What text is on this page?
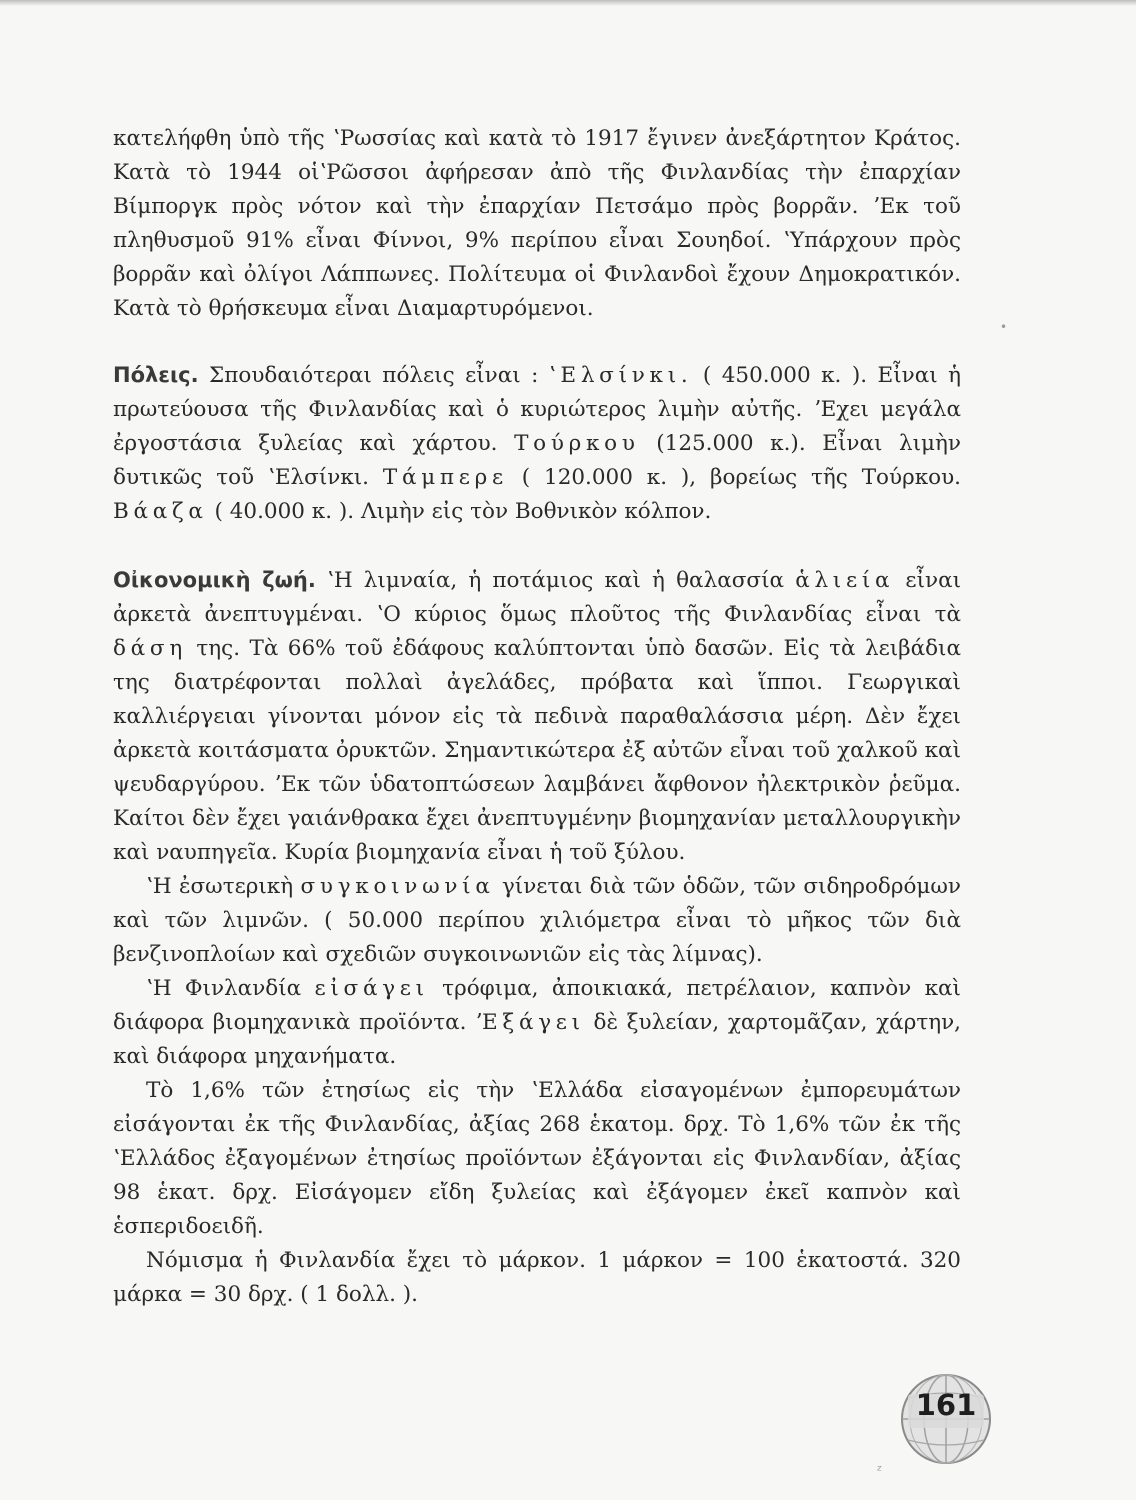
κατελήφθη ὑπὸ τῆς ʽΡωσσίας καὶ κατὰ τὸ 1917 ἔγινεν ἀνεξάρτητον Κράτος. Κατὰ τὸ 1944 οἱʽΡῶσσοι ἀφήρεσαν ἀπὸ τῆς Φινλανδίας τὴν ἐπαρχίαν Βίμποργκ πρὸς νότον καὶ τὴν ἐπαρχίαν Πετσάμο πρὸς βορρᾶν. ʼΕκ τοῦ πληθυσμοῦ 91% εἶναι Φίννοι, 9% περίπου εἶναι Σουηδοί. ʽΥπάρχουν πρὸς βορρᾶν καὶ ὀλίγοι Λάππωνες. Πολίτευμα οἱ Φινλανδοὶ ἔχουν Δημοκρατικόν. Κατὰ τὸ θρήσκευμα εἶναι Διαμαρτυρόμενοι.

Πόλεις. Σπουδαιότεραι πόλεις εἶναι : ʽΕλσίνκι. ( 450.000 κ. ). Εἶναι ἡ πρωτεύουσα τῆς Φινλανδίας καὶ ὁ κυριώτερος λιμὴν αὐτῆς. ʼΕχει μεγάλα ἐργοστάσια ξυλείας καὶ χάρτου. Τούρκου (125.000 κ.). Εἶναι λιμὴν δυτικῶς τοῦ ʽΕλσίνκι. Τάμπερε ( 120.000 κ. ), βορείως τῆς Τούρκου. Βάαζα ( 40.000 κ. ). Λιμὴν εἰς τὸν Βοθνικὸν κόλπον.

Οἰκονομικὴ ζωή. ʽΗ λιμναία, ἡ ποτάμιος καὶ ἡ θαλασσία ἁλιεία εἶναι ἀρκετὰ ἀνεπτυγμέναι. ʽΟ κύριος ὅμως πλοῦτος τῆς Φινλανδίας εἶναι τὰ δάση της. Τὰ 66% τοῦ ἐδάφους καλύπτονται ὑπὸ δασῶν. Εἰς τὰ λειβάδια της διατρέφονται πολλαὶ ἀγελάδες, πρόβατα καὶ ἵπποι. Γεωργικαὶ καλλιέργειαι γίνονται μόνον εἰς τὰ πεδινὰ παραθαλάσσια μέρη. Δὲν ἔχει ἀρκετὰ κοιτάσματα ὀρυκτῶν. Σημαντικώτερα ἐξ αὐτῶν εἶναι τοῦ χαλκοῦ καὶ ψευδαργύρου. ʼΕκ τῶν ὑδατοπτώσεων λαμβάνει ἄφθονον ἠλεκτρικὸν ῥεῦμα. Καίτοι δὲν ἔχει γαιάνθρακα ἔχει ἀνεπτυγμένην βιομηχανίαν μεταλλουργικὴν καὶ ναυπηγεῖα. Κυρία βιομηχανία εἶναι ἡ τοῦ ξύλου.

ʽΗ ἐσωτερικὴ συγκοινωνία γίνεται διὰ τῶν ὁδῶν, τῶν σιδηροδρόμων καὶ τῶν λιμνῶν. ( 50.000 περίπου χιλιόμετρα εἶναι τὸ μῆκος τῶν διὰ βενζινοπλοίων καὶ σχεδιῶν συγκοινωνιῶν εἰς τὰς λίμνας).

ʽΗ Φινλανδία εἰσάγει τρόφιμα, ἀποικιακά, πετρέλαιον, καπνὸν καὶ διάφορα βιομηχανικὰ προϊόντα. ʼΕξάγει δὲ ξυλείαν, χαρτομᾶζαν, χάρτην, καὶ διάφορα μηχανήματα.

Τὸ 1,6% τῶν ἐτησίως εἰς τὴν ʽΕλλάδα εἰσαγομένων ἐμπορευμάτων εἰσάγονται ἐκ τῆς Φινλανδίας, ἀξίας 268 ἑκατομ. δρχ. Τὸ 1,6% τῶν ἐκ τῆς ʽΕλλάδος ἐξαγομένων ἐτησίως προϊόντων ἐξάγονται εἰς Φινλανδίαν, ἀξίας 98 ἑκατ. δρχ. Εἰσάγομεν εἴδη ξυλείας καὶ ἐξάγομεν ἐκεῖ καπνὸν καὶ ἑσπεριδοειδῆ.

Νόμισμα ἡ Φινλανδία ἔχει τὸ μάρκον. 1 μάρκον = 100 ἑκατοστά. 320 μάρκα = 30 δρχ. ( 1 δολλ. ).

161
•
ᶻ
